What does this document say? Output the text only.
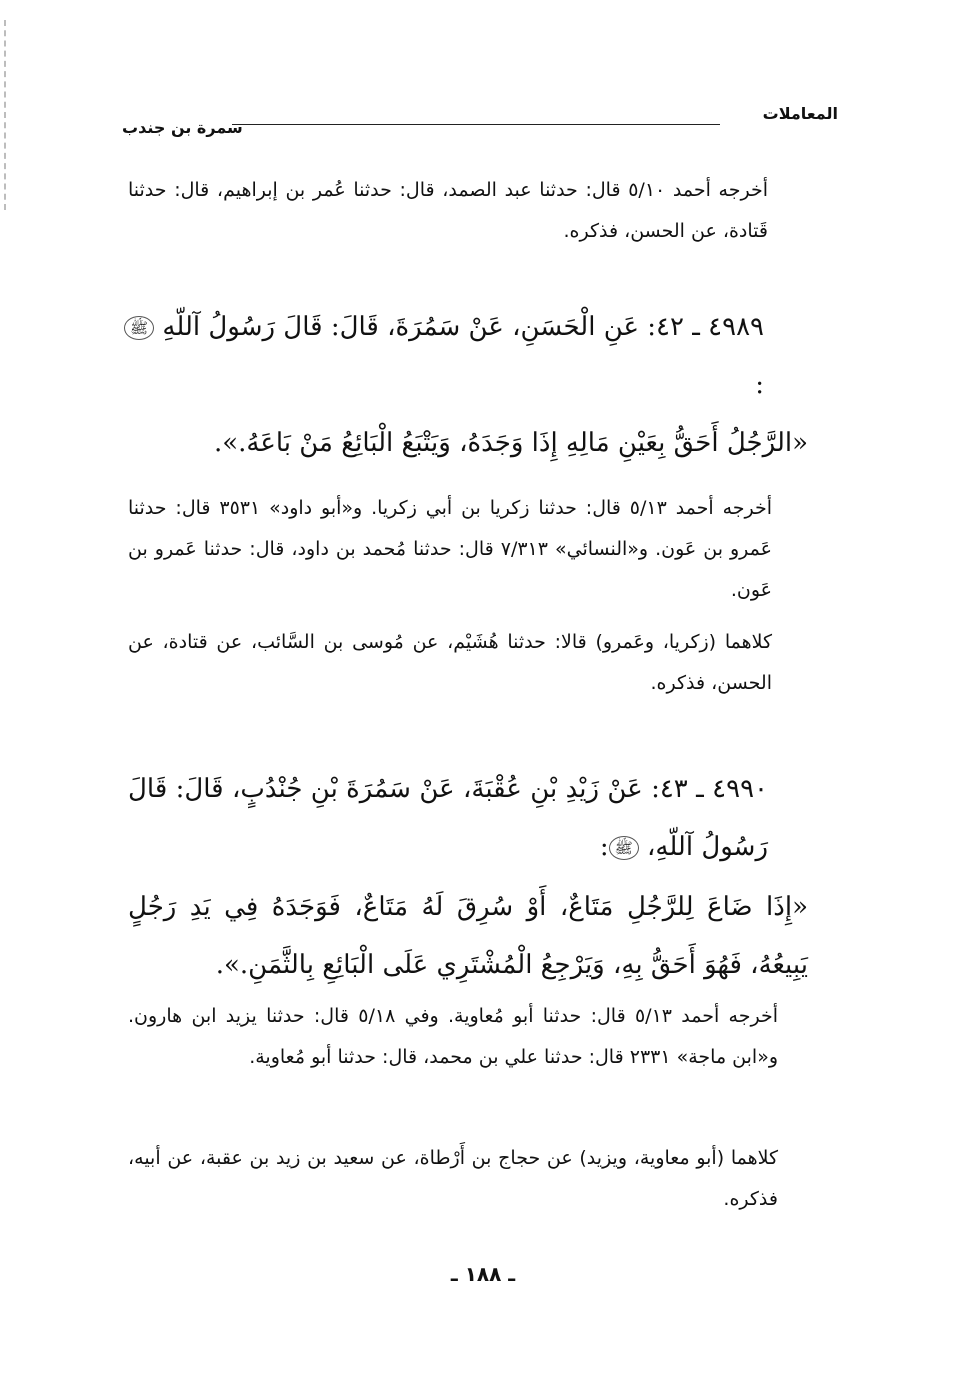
المعاملات
سمرة بن جندب

أخرجه أحمد ٥/١٠ قال: حدثنا عبد الصمد، قال: حدثنا عُمر بن إبراهيم، قال: حدثنا قَتادة، عن الحسن، فذكره.

٤٩٨٩ ـ ٤٢: عَنِ الْحَسَنِ، عَنْ سَمُرَةَ، قَالَ: قَالَ رَسُولُ آللّهِ ﷺ:

«الرَّجُلُ أَحَقُّ بِعَيْنِ مَالِهِ إِذَا وَجَدَهُ، وَيَتْبَعُ الْبَائِعُ مَنْ بَاعَهُ.».

أخرجه أحمد ٥/١٣ قال: حدثنا زكريا بن أبي زكريا. و«أبو داود» ٣٥٣١ قال: حدثنا عَمرو بن عَون. و«النسائي» ٧/٣١٣ قال: حدثنا مُحمد بن داود، قال: حدثنا عَمرو بن عَون.

كلاهما (زكريا، وعَمرو) قالا: حدثنا هُشَيْم، عن مُوسى بن السَّائب، عن قتادة، عن الحسن، فذكره.

٤٩٩٠ ـ ٤٣: عَنْ زَيْدِ بْنِ عُقْبَةَ، عَنْ سَمُرَةَ بْنِ جُنْدُبٍ، قَالَ: قَالَ رَسُولُ آللّهِ، ﷺ:

«إِذَا ضَاعَ لِلرَّجُلِ مَتَاعٌ، أَوْ سُرِقَ لَهُ مَتَاعٌ، فَوَجَدَهُ فِي يَدِ رَجُلٍ يَبِيعُهُ، فَهُوَ أَحَقُّ بِهِ، وَيَرْجِعُ الْمُشْتَرِي عَلَى الْبَائِعِ بِالثَّمَنِ.».

أخرجه أحمد ٥/١٣ قال: حدثنا أبو مُعاوية. وفي ٥/١٨ قال: حدثنا يزيد ابن هارون. و«ابن ماجة» ٢٣٣١ قال: حدثنا علي بن محمد، قال: حدثنا أبو مُعاوية.

كلاهما (أبو معاوية، ويزيد) عن حجاج بن أَرْطاة، عن سعيد بن زيد بن عقبة، عن أبيه، فذكره.

ـ ١٨٨ ـ
